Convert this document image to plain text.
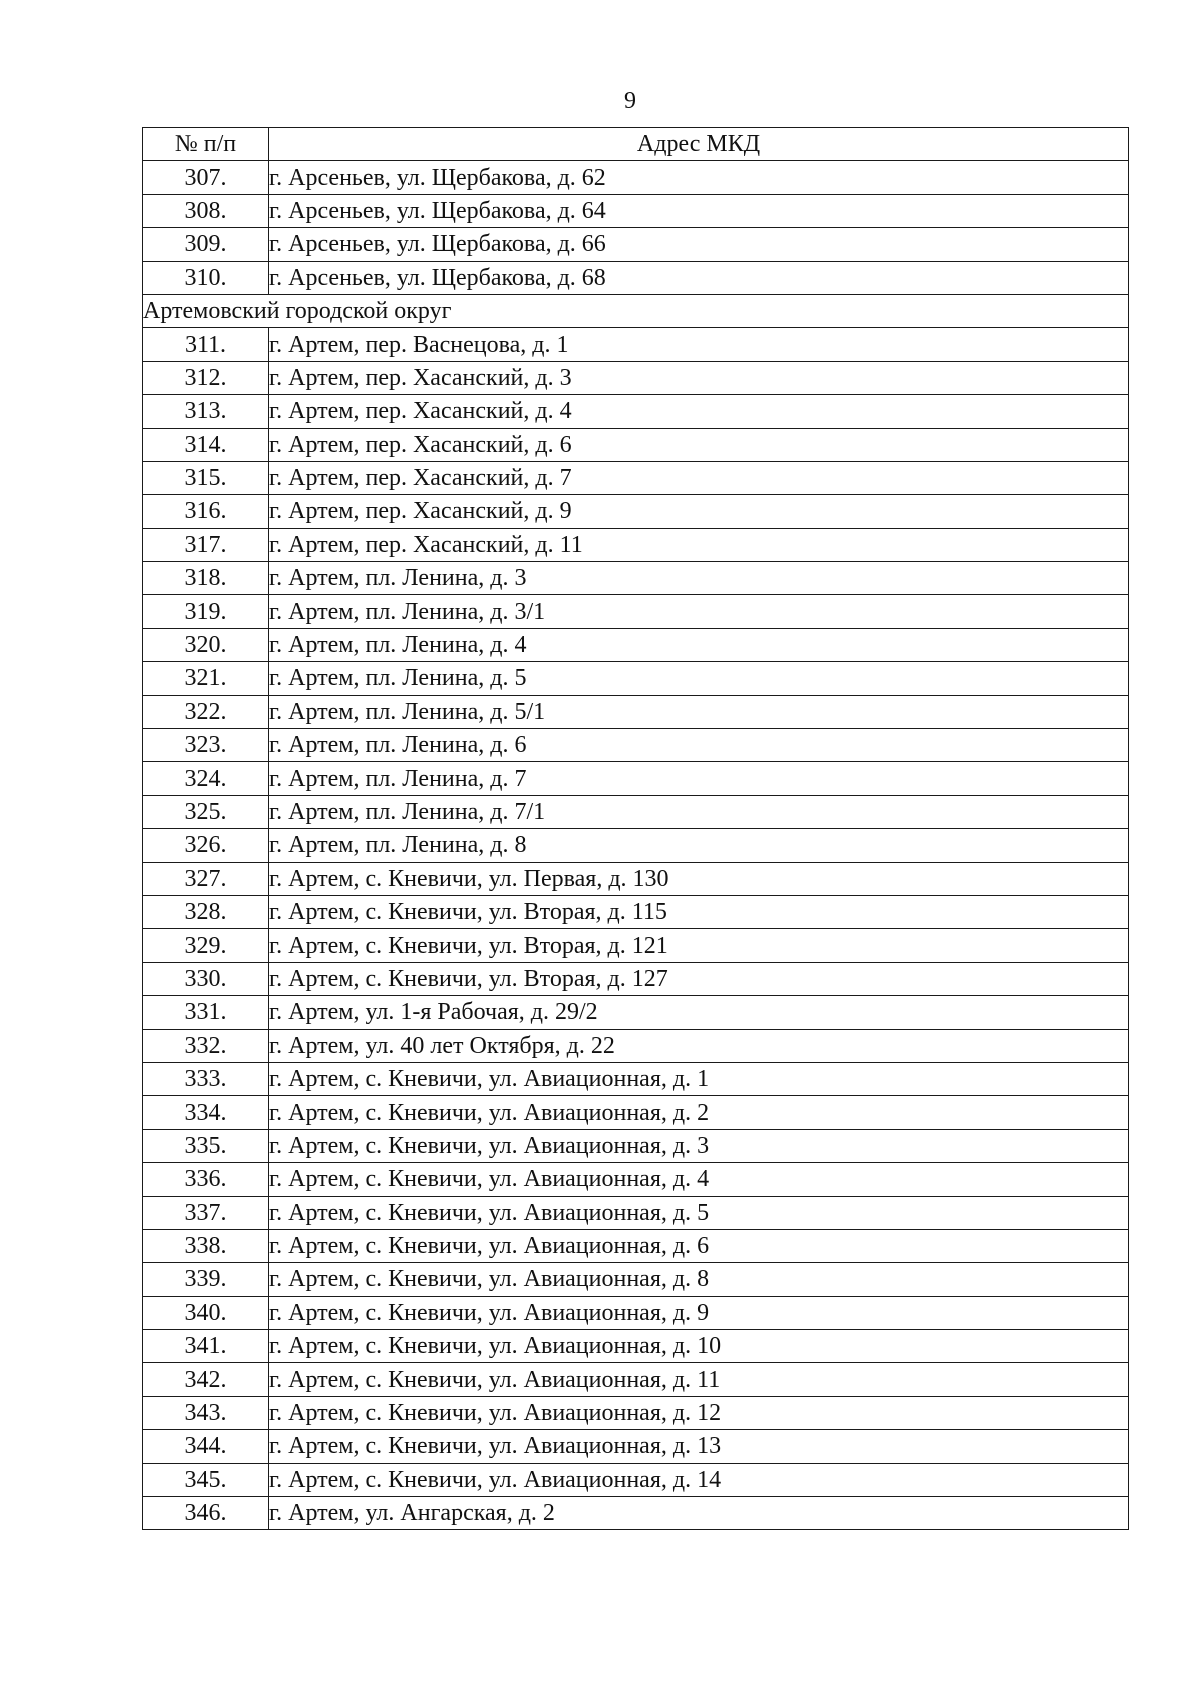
9
№ п/п	Адрес МКД
307.	г. Арсеньев, ул. Щербакова, д. 62
308.	г. Арсеньев, ул. Щербакова, д. 64
309.	г. Арсеньев, ул. Щербакова, д. 66
310.	г. Арсеньев, ул. Щербакова, д. 68
Артемовский городской округ	
311.	г. Артем, пер. Васнецова, д. 1
312.	г. Артем, пер. Хасанский, д. 3
313.	г. Артем, пер. Хасанский, д. 4
314.	г. Артем, пер. Хасанский, д. 6
315.	г. Артем, пер. Хасанский, д. 7
316.	г. Артем, пер. Хасанский, д. 9
317.	г. Артем, пер. Хасанский, д. 11
318.	г. Артем, пл. Ленина, д. 3
319.	г. Артем, пл. Ленина, д. 3/1
320.	г. Артем, пл. Ленина, д. 4
321.	г. Артем, пл. Ленина, д. 5
322.	г. Артем, пл. Ленина, д. 5/1
323.	г. Артем, пл. Ленина, д. 6
324.	г. Артем, пл. Ленина, д. 7
325.	г. Артем, пл. Ленина, д. 7/1
326.	г. Артем, пл. Ленина, д. 8
327.	г. Артем, с. Кневичи, ул. Первая, д. 130
328.	г. Артем, с. Кневичи, ул. Вторая, д. 115
329.	г. Артем, с. Кневичи, ул. Вторая, д. 121
330.	г. Артем, с. Кневичи, ул. Вторая, д. 127
331.	г. Артем, ул. 1-я Рабочая, д. 29/2
332.	г. Артем, ул. 40 лет Октября, д. 22
333.	г. Артем, с. Кневичи, ул. Авиационная, д. 1
334.	г. Артем, с. Кневичи, ул. Авиационная, д. 2
335.	г. Артем, с. Кневичи, ул. Авиационная, д. 3
336.	г. Артем, с. Кневичи, ул. Авиационная, д. 4
337.	г. Артем, с. Кневичи, ул. Авиационная, д. 5
338.	г. Артем, с. Кневичи, ул. Авиационная, д. 6
339.	г. Артем, с. Кневичи, ул. Авиационная, д. 8
340.	г. Артем, с. Кневичи, ул. Авиационная, д. 9
341.	г. Артем, с. Кневичи, ул. Авиационная, д. 10
342.	г. Артем, с. Кневичи, ул. Авиационная, д. 11
343.	г. Артем, с. Кневичи, ул. Авиационная, д. 12
344.	г. Артем, с. Кневичи, ул. Авиационная, д. 13
345.	г. Артем, с. Кневичи, ул. Авиационная, д. 14
346.	г. Артем, ул. Ангарская, д. 2
